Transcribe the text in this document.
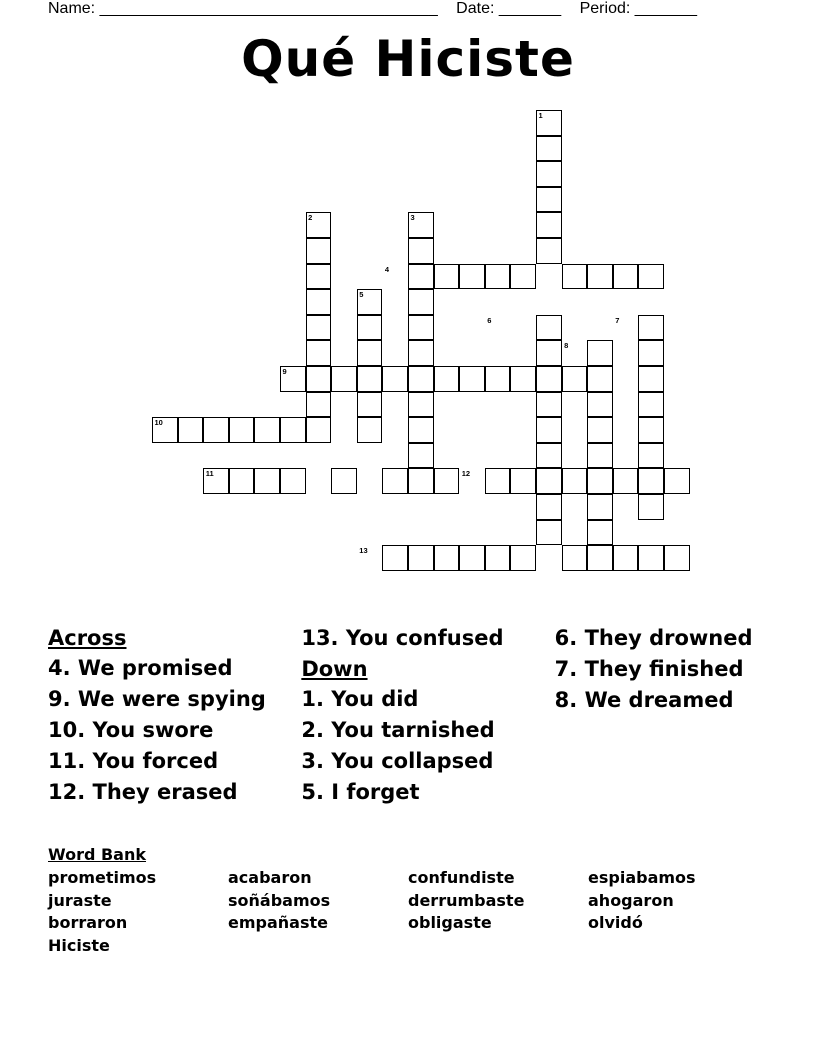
Name: ______________________________________ Date: _______ Period: _______
Qué Hiciste
1
2	3
4
5
6	7
8
9
10
11	12
13
Across
4. We promised
9. We were spying
10. You swore
11. You forced
12. They erased
13. You confused
Down
1. You did
2. You tarnished
3. You collapsed
5. I forget
6. They drowned
7. They finished
8. We dreamed
Word Bank
prometimos	acabaron	confundiste	espiabamos
juraste	soñábamos	derrumbaste	ahogaron
borraron	empañaste	obligaste	olvidó
Hiciste
